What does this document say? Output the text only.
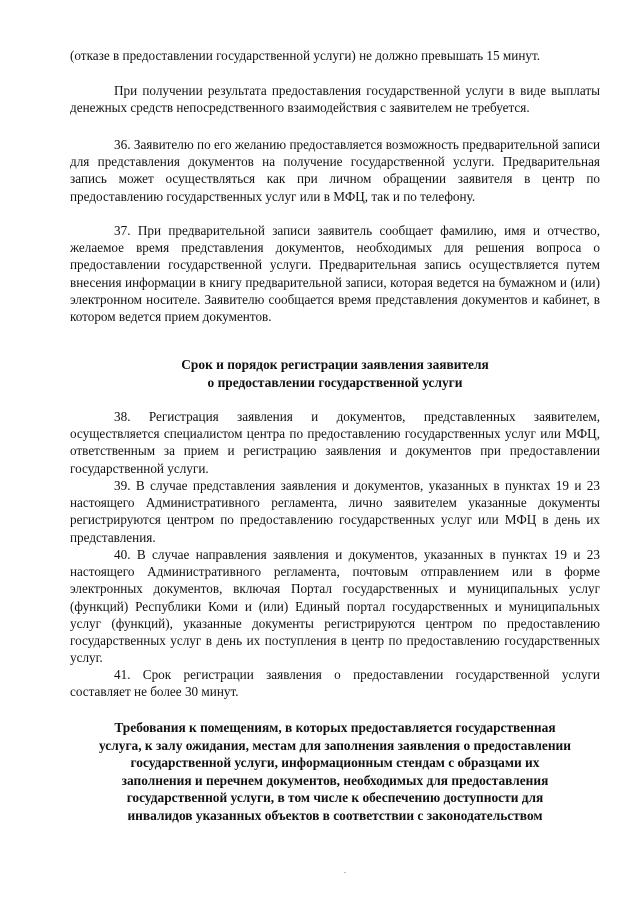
(отказе в предоставлении государственной услуги) не должно превышать 15 минут.

При получении результата предоставления государственной услуги в виде выплаты денежных средств непосредственного взаимодействия с заявителем не требуется.

36. Заявителю по его желанию предоставляется возможность предварительной записи для представления документов на получение государственной услуги. Предварительная запись может осуществляться как при личном обращении заявителя в центр по предоставлению государственных услуг или в МФЦ, так и по телефону.

37. При предварительной записи заявитель сообщает фамилию, имя и отчество, желаемое время представления документов, необходимых для решения вопроса о предоставлении государственной услуги. Предварительная запись осуществляется путем внесения информации в книгу предварительной записи, которая ведется на бумажном и (или) электронном носителе. Заявителю сообщается время представления документов и кабинет, в котором ведется прием документов.

Срок и порядок регистрации заявления заявителя

о предоставлении государственной услуги

38. Регистрация заявления и документов, представленных заявителем, осуществляется специалистом центра по предоставлению государственных услуг или МФЦ, ответственным за прием и регистрацию заявления и документов при предоставлении государственной услуги.

39. В случае представления заявления и документов, указанных в пунктах 19 и 23 настоящего Административного регламента, лично заявителем указанные документы регистрируются центром по предоставлению государственных услуг или МФЦ в день их представления.

40. В случае направления заявления и документов, указанных в пунктах 19 и 23 настоящего Административного регламента, почтовым отправлением или в форме электронных документов, включая Портал государственных и муниципальных услуг (функций) Республики Коми и (или) Единый портал государственных и муниципальных услуг (функций), указанные документы регистрируются центром по предоставлению государственных услуг в день их поступления в центр по предоставлению государственных услуг.

41. Срок регистрации заявления о предоставлении государственной услуги составляет не более 30 минут.

Требования к помещениям, в которых предоставляется государственная

услуга, к залу ожидания, местам для заполнения заявления о предоставлении

государственной услуги, информационным стендам с образцами их

заполнения и перечнем документов, необходимых для предоставления

государственной услуги, в том числе к обеспечению доступности для

инвалидов указанных объектов в соответствии с законодательством
